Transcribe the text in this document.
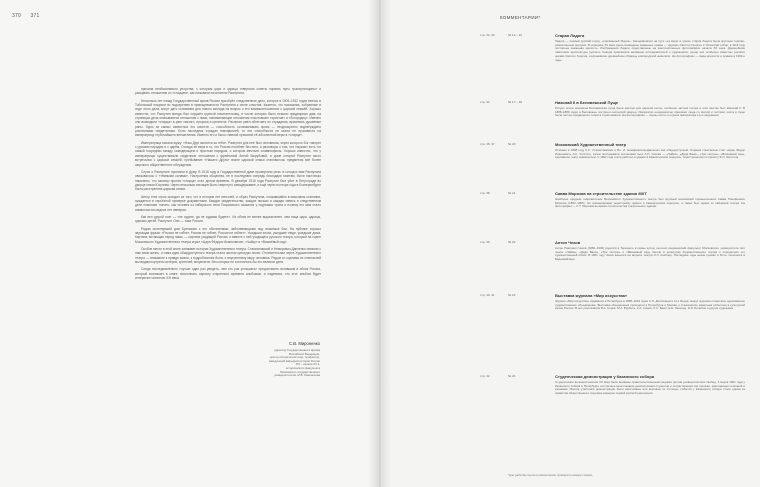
370 371

причина необъяснимого упорства, с которым царь и царица отвергали советы порвать путы «распутинщины» и разорвать отношения со «старцем», как называли почитатели Распутина.

Несколько лет назад Государственный архив России приобрёл следственное дело, которое в 1909–1912 годах велось в Тобольской епархии по подозрению в принадлежности Распутина к секте хлыстов. Кажется, что показания, собранные в ходе этого дела, могут дать основания для нового взгляда на вопрос о его взаимоотношениях с царской семьёй. Хорошо известно, что Распутин всегда был окружён группой почитательниц, в числе которых было немало придворных дам; на страницах дела описываются отношения с ними, напоминающие отношения хлыстовских «христов» и «богородиц». Именно они возводили «старца» в ранг святого, пророка и целителя. Распутин умел облегчать их страдания, врачевать душевные раны. Одно из самых известных его качеств — способность останавливать кровь — неоднократно подтверждено различными свидетелями. Если наследник страдал гемофилией, то эти способности не могли не произвести на императрицу глубочайшего впечатления. Именно это и было главной причиной её абсолютной веры в «старца».

Императрица писала мужу: «Наш Друг молится за тебя». Распутин для неё был человеком, через которого Бог говорит с русским народом и с царём. Отсюда её вера в то, что Россия погибнет без него, и разговоры о том, что «мужик» есть тот самый посредник между самодержцем и простым народом, о котором мечтали славянофилы. Хорошо известно, что у императрицы существовали сердечные отношения с фрейлиной Анной Вырубовой, в доме которой Распутин часто встречался с царской семьёй; пребывание «Нашего Друга» возле царской семьи становилось предметом всё более широкого общественного обсуждения.

Слухи о Распутине проникли в Думу. В 1916 году в Государственной думе прозвучали речи, в которых имя Распутина связывалось с «тёмными силами». Настроения общества, не в последнюю очередь благодаря газетам, были настолько накалены, что заговор против «старца» стал делом времени. В декабре 1916 года Распутин был убит в Петрограде во дворце князя Юсупова. Через несколько месяцев было свергнуто самодержавие, а ещё через полтора года в Екатеринбурге была расстреляна царская семья.

Автор этих строк исходил из того, что в истории нет мелочей, и образ Распутина, сложившийся в массовом сознании, нуждается в серьёзной проверке документами. Каждое свидетельство, каждое письмо и каждая запись в следственном деле помогают понять, как человек из сибирского села Покровского оказался у подножия трона и почему его имя стало символом последних лет империи.

Как пел другой поэт — «не судите, да не судимы будете». Их облик не менее выразителен, чем лица царя, царицы, царских детей. Распутин. Они — тоже Россия.

Рядом исчезнувший дом Булгакова с его обитателями, заболевающими под знакомые бои. На публике хорошо звучащая фраза: «Россия не гибнет, Россия не гибнет, Россия не гибнет». Ушедшая эпоха, ушедшие люди, ушедшие дома. Картина, встающая перед нами, — картина уходящей России, и вместе с ней уходящего русского театра, который на сцене Московского Художественного театра играл «Царя Фёдора Иоанновича», «Чайку» и «Вишнёвый сад».

Особое место в этой книге занимает история Художественного театра. Станиславский и Немирович-Данченко связали с ним свою жизнь, и сама идея общедоступного театра стала частью культуры эпохи. Отличительная черта Художественного театра — внимание к правде жизни, к подробностям быта, к внутреннему миру человека. Рядом со сценами из спектаклей мы видим портреты актёров, зрителей, меценатов, без которых не состоялось бы это великое дело.

Следя последовательно «лучше один раз увидеть, чем сто раз услышать» предоставить вставшим в облик России, который возникает в книге, восполнить картину старинного времени альбомом, и надеемся, что этот альбом будет интересен читателю XXI века.

С.В. Мироненко
директор Государственного архива
Российской Федерации,
доктор исторических наук, профессор,
заведующий кафедрой истории России
XIX – начала XX в.
исторического факультета
Московского государственного
университета им. М.В. Ломоносова
КОММЕНТАРИИ*
стр. 32, 33	№ 14 – 16	Старая Ладога
Ладога — первый русский город, «призванный Рюрик». Находившаяся на пути «из варяг в греки» старая Ладога была крупным торгово-ремесленным центром. В середине XII века здесь возведены каменные храмы — церковь Святого Георгия и Успенский собор; в 1116 году построена каменная крепость. Изображения Ладоги представлены на многочисленных фотографиях начала XX века. Древнейшие памятники архитектуры русского Севера привлекали внимание исследователей и художников; среди них особенно известны росписи церкви Святого Георгия, сохранившие древнейшие образцы новгородской живописи. На фотографиях — виды крепости и храмов в 1900-е годы.
стр. 34	№ 17 – 18	Николай II в Беловежской Пуще
Ритуал охоты монархов Беловежская пуща была местом для царской охоты; особенно частым гостем в этих местах был Николай II. В 1888–1889 годах в Беловежье построен охотничий дворец. Император неоднократно приезжал сюда со свитой и гостями; охота в пуще была частью придворного этикета и дипломатии. На фотографиях — сцены охоты и отдыха императора и его окружения.
стр. 36, 37	№ 20	Московский Художественный театр
Основан в 1898 году К.С. Станиславским и Вл. И. Немировичем-Данченко как общедоступный. Первым спектаклем стал «Царь Фёдор Иоаннович» А.К. Толстого, затем последовали постановки пьес А.П. Чехова — «Чайка», «Дядя Ваня», «Три сестры», «Вишнёвый сад», сделавшие театр знаменитым. С 1902 года театр работал в здании в Камергерском переулке, перестроенном по проекту Ф.О. Шехтеля.
стр. 38	№ 21	Савва Морозов на строительстве здания МХТ
Наиболее щедрым покровителем Московского Художественного театра был крупный московский промышленник Савва Тимофеевич Морозов (1862–1905). Он финансировал перестройку здания в Камергерском переулке, а также был одним из пайщиков театра. На фотографии — С.Т. Морозов во время строительства театрального здания.
стр. 39	№ 22	Антон Чехов
Антон Павлович Чехов (1860–1904) родился в Таганроге в семье купца; окончил медицинский факультет Московского университета. Его пьесы «Чайка», «Дядя Ваня», «Три сестры» и «Вишнёвый сад» вошли в репертуар Художественного театра и определили его художественный облик. В 1901 году Чехов женился на актрисе театра О.Л. Книппер. Последние годы жизни провёл в Ялте; скончался в Баденвейлере.
стр. 40, 41	№ 23	Выставка журнала «Мир искусства»
Журнал «Мир искусства» издавался в Петербурге в 1898–1904 годах С.П. Дягилевым и А.Н. Бенуа; вокруг журнала сложилось одноимённое художественное объединение. Выставки объединения проходили в Петербурге и Москве и становились заметным событием в культурной жизни России. В них участвовали В.А. Серов, М.А. Врубель, К.А. Сомов, Л.С. Бакст, Е.Е. Лансере, И.Я. Билибин и другие художники.
стр. 42	№ 24	Студенческая демонстрация у Казанского собора
Студенческие волнения начала XX века были вызваны правительственными мерами против университетских свобод. 4 марта 1901 года у Казанского собора в Петербурге состоялась многолюдная демонстрация студентов и сочувствующих им горожан, разогнанная полицией и казаками. Многие участники демонстрации были арестованы или высланы из столицы; события у Казанского собора стали одним из символов общественного подъёма накануне первой русской революции.
*Для удобства ссылок в комментариях приводятся номера страниц.
